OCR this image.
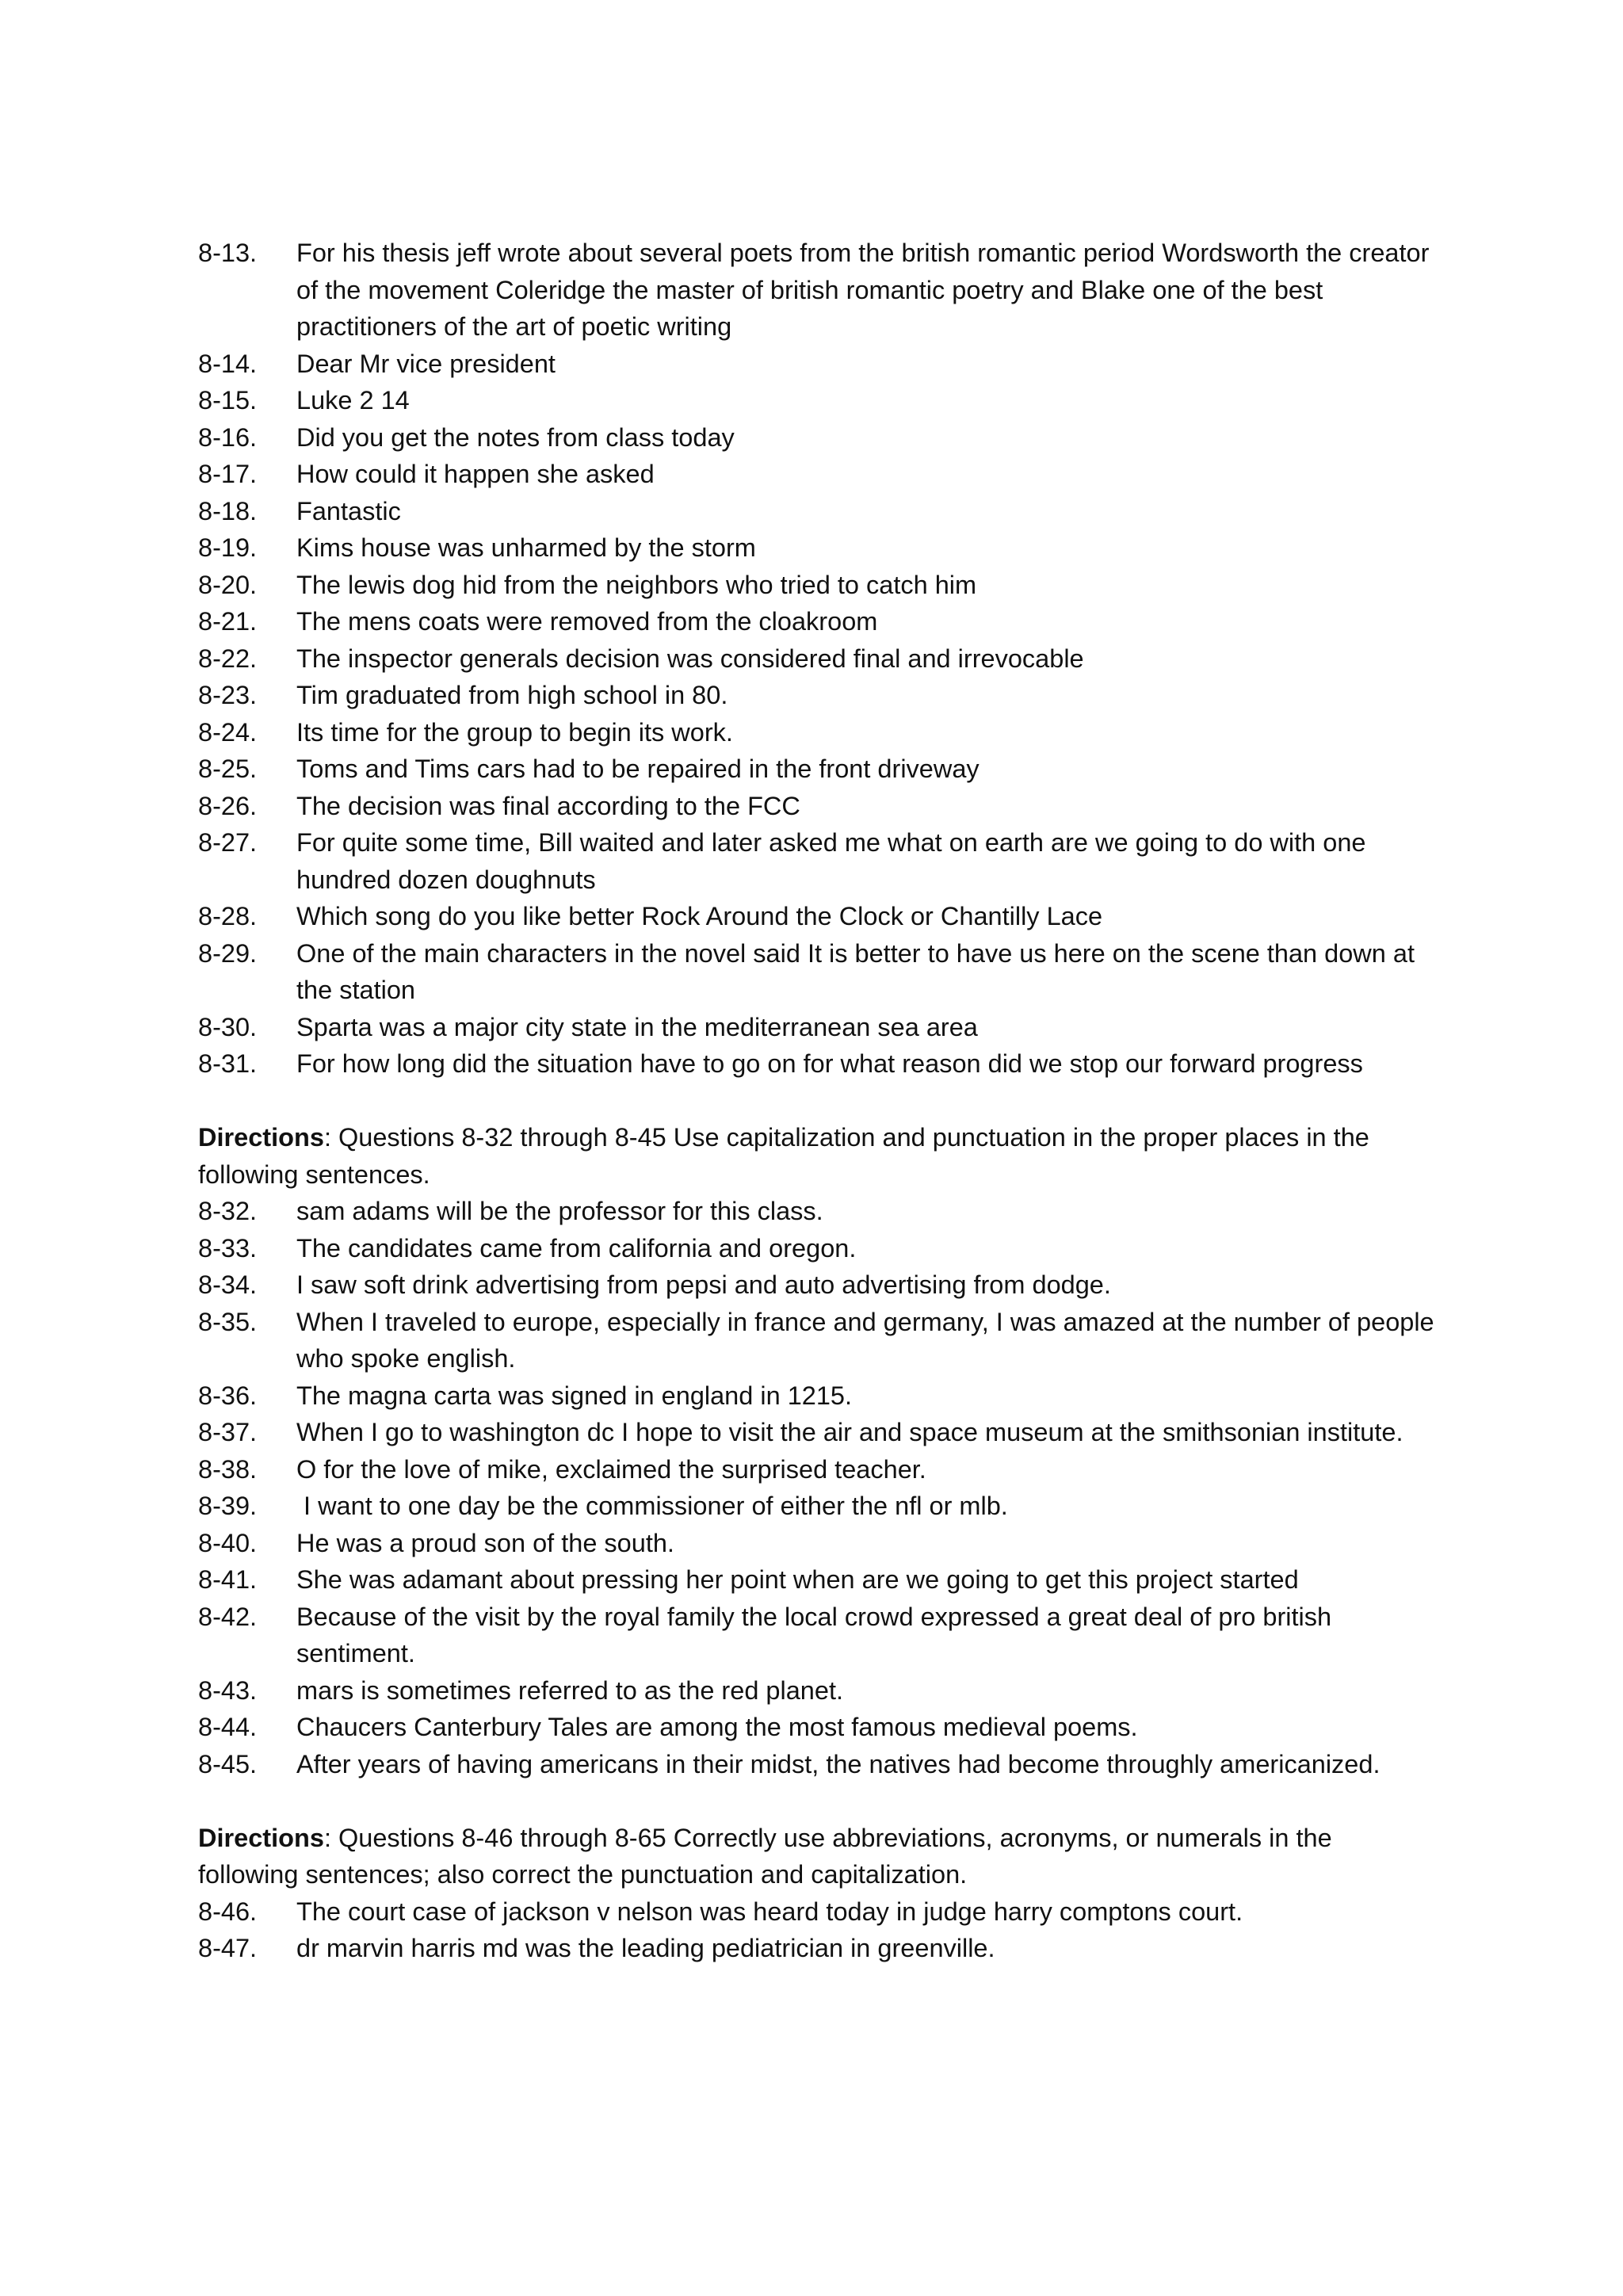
8-13.	For his thesis jeff wrote about several poets from the british romantic period Wordsworth the creator of the movement Coleridge the master of british romantic poetry and Blake one of the best practitioners of the art of poetic writing
8-14.	Dear Mr vice president
8-15.	Luke 2 14
8-16.	Did you get the notes from class today
8-17.	How could it happen she asked
8-18.	Fantastic
8-19.	Kims house was unharmed by the storm
8-20.	The lewis dog hid from the neighbors who tried to catch him
8-21.	The mens coats were removed from the cloakroom
8-22.	The inspector generals decision was considered final and irrevocable
8-23.	Tim graduated from high school in 80.
8-24.	Its time for the group to begin its work.
8-25.	Toms and Tims cars had to be repaired in the front driveway
8-26.	The decision was final according to the FCC
8-27.	For quite some time, Bill waited and later asked me what on earth are we going to do with one hundred dozen doughnuts
8-28.	Which song do you like better Rock Around the Clock or Chantilly Lace
8-29.	One of the main characters in the novel said It is better to have us here on the scene than down at the station
8-30.	Sparta was a major city state in the mediterranean sea area
8-31.	For how long did the situation have to go on for what reason did we stop our forward progress
Directions: Questions 8-32 through 8-45 Use capitalization and punctuation in the proper places in the following sentences.
8-32.	sam adams will be the professor for this class.
8-33.	The candidates came from california and oregon.
8-34.	I saw soft drink advertising from pepsi and auto advertising from dodge.
8-35.	When I traveled to europe, especially in france and germany, I was amazed at the number of people who spoke english.
8-36.	The magna carta was signed in england in 1215.
8-37.	When I go to washington dc I hope to visit the air and space museum at the smithsonian institute.
8-38.	O for the love of mike, exclaimed the surprised teacher.
8-39.	I want to one day be the commissioner of either the nfl or mlb.
8-40.	He was a proud son of the south.
8-41.	She was adamant about pressing her point when are we going to get this project started
8-42.	Because of the visit by the royal family the local crowd expressed a great deal of pro british sentiment.
8-43.	mars is sometimes referred to as the red planet.
8-44.	Chaucers Canterbury Tales are among the most famous medieval poems.
8-45.	After years of having americans in their midst, the natives had become throughly americanized.
Directions: Questions 8-46 through 8-65 Correctly use abbreviations, acronyms, or numerals in the following sentences; also correct the punctuation and capitalization.
8-46.	The court case of jackson v nelson was heard today in judge harry comptons court.
8-47.	dr marvin harris md was the leading pediatrician in greenville.
